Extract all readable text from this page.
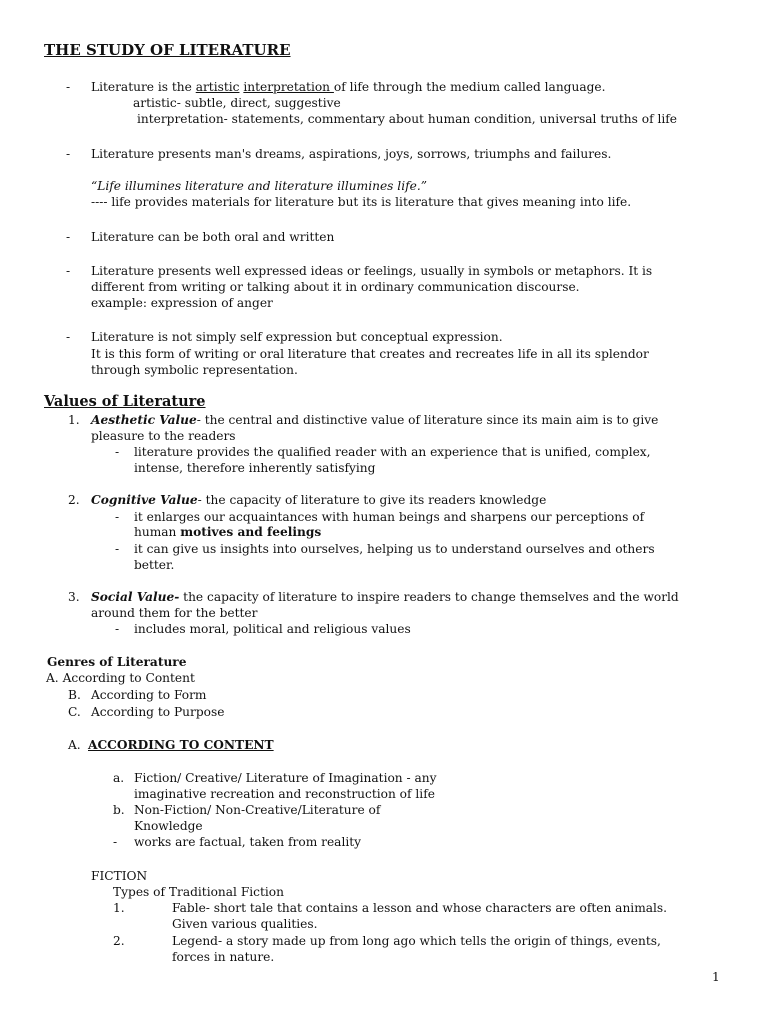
THE STUDY OF LITERATURE
- Literature is the artistic interpretation of life through the medium called language.
artistic- subtle, direct, suggestive
interpretation- statements, commentary about human condition, universal truths of life
- Literature presents man's dreams, aspirations, joys, sorrows, triumphs and failures.
“Life illumines literature and literature illumines life.”
---- life provides materials for literature but its is literature that gives meaning into life.
- Literature can be both oral and written
- Literature presents well expressed ideas or feelings, usually in symbols or metaphors. It is
different from writing or talking about it in ordinary communication discourse.
example: expression of anger
- Literature is not simply self expression but conceptual expression.
It is this form of writing or oral literature that creates and recreates life in all its splendor
through symbolic representation.
Values of Literature
1. Aesthetic Value- the central and distinctive value of literature since its main aim is to give
pleasure to the readers
- literature provides the qualified reader with an experience that is unified, complex,
intense, therefore inherently satisfying
2. Cognitive Value- the capacity of literature to give its readers knowledge
- it enlarges our acquaintances with human beings and sharpens our perceptions of
human motives and feelings
- it can give us insights into ourselves, helping us to understand ourselves and others
better.
3. Social Value- the capacity of literature to inspire readers to change themselves and the world
around them for the better
- includes moral, political and religious values
Genres of Literature
A. According to Content
B. According to Form
C. According to Purpose
A. ACCORDING TO CONTENT
a. Fiction/ Creative/ Literature of Imagination - any
imaginative recreation and reconstruction of life
b. Non-Fiction/ Non-Creative/Literature of
Knowledge
- works are factual, taken from reality
FICTION
Types of Traditional Fiction
1.	Fable- short tale that contains a lesson and whose characters are often animals.
Given various qualities.
2.	Legend- a story made up from long ago which tells the origin of things, events,
forces in nature.
1
